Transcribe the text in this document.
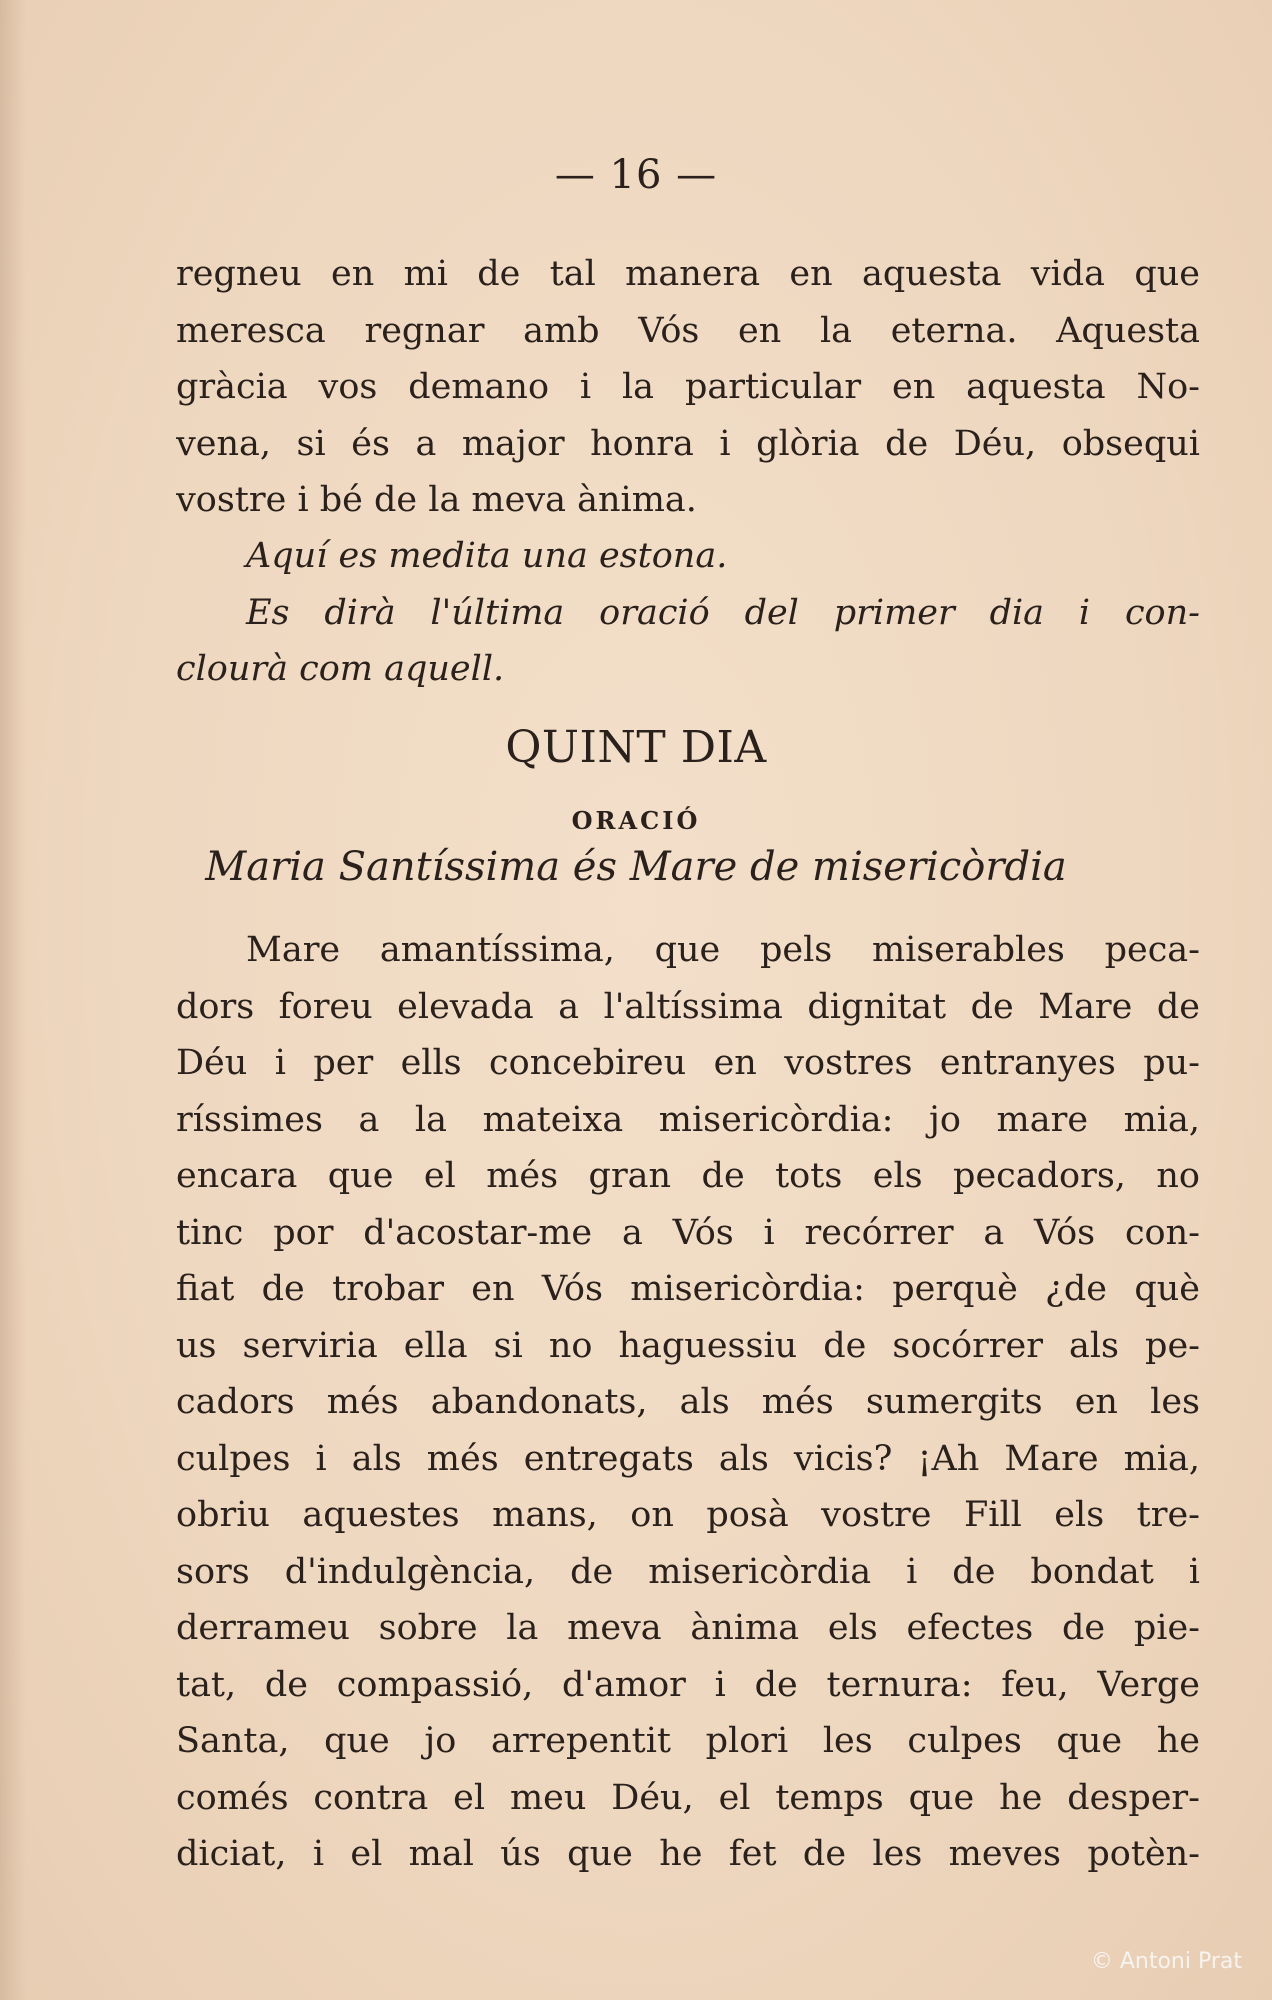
— 16 —
regneu en mi de tal manera en aquesta vida que
meresca regnar amb Vós en la eterna. Aquesta
gràcia vos demano i la particular en aquesta No-
vena, si és a major honra i glòria de Déu, obsequi
vostre i bé de la meva ànima.
Aquí es medita una estona.
Es dirà l'última oració del primer dia i con-
clourà com aquell.
QUINT DIA
ORACIÓ
Maria Santíssima és Mare de misericòrdia
Mare amantíssima, que pels miserables peca-
dors foreu elevada a l'altíssima dignitat de Mare de
Déu i per ells concebireu en vostres entranyes pu-
ríssimes a la mateixa misericòrdia: jo mare mia,
encara que el més gran de tots els pecadors, no
tinc por d'acostar-me a Vós i recórrer a Vós con-
fiat de trobar en Vós misericòrdia: perquè ¿de què
us serviria ella si no haguessiu de socórrer als pe-
cadors més abandonats, als més sumergits en les
culpes i als més entregats als vicis? ¡Ah Mare mia,
obriu aquestes mans, on posà vostre Fill els tre-
sors d'indulgència, de misericòrdia i de bondat i
derrameu sobre la meva ànima els efectes de pie-
tat, de compassió, d'amor i de ternura: feu, Verge
Santa, que jo arrepentit plori les culpes que he
comés contra el meu Déu, el temps que he desper-
diciat, i el mal ús que he fet de les meves potèn-
© Antoni Prat
